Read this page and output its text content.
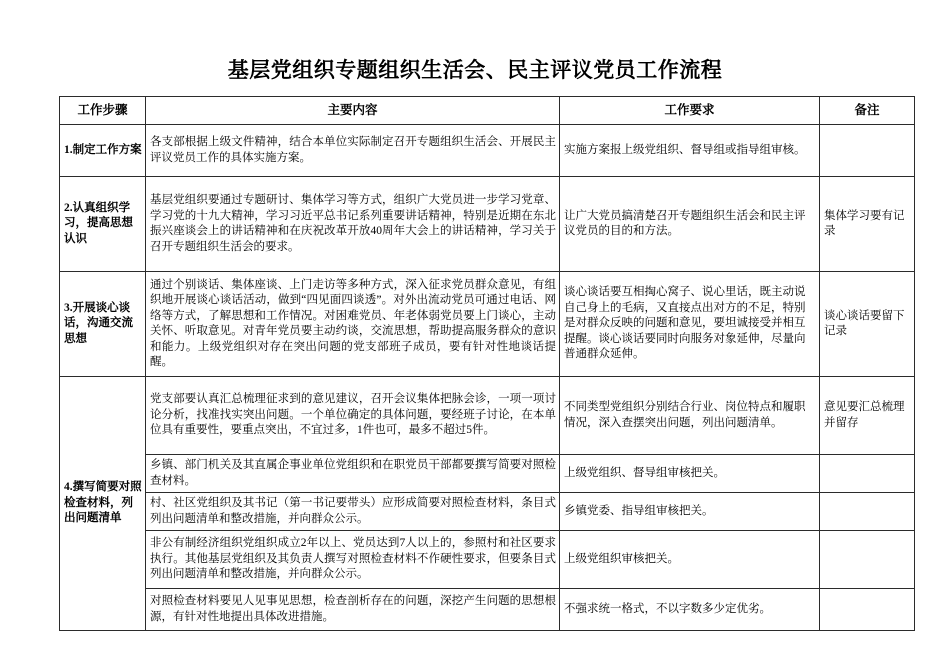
基层党组织专题组织生活会、民主评议党员工作流程
工作步骤	主要内容	工作要求	备注
1.制定工作方案	各支部根据上级文件精神，结合本单位实际制定召开专题组织生活会、开展民主评议党员工作的具体实施方案。	实施方案报上级党组织、督导组或指导组审核。	
2.认真组织学习，提高思想认识	基层党组织要通过专题研讨、集体学习等方式，组织广大党员进一步学习党章、学习党的十九大精神，学习习近平总书记系列重要讲话精神，特别是近期在东北振兴座谈会上的讲话精神和在庆祝改革开放40周年大会上的讲话精神，学习关于召开专题组织生活会的要求。	让广大党员搞清楚召开专题组织生活会和民主评议党员的目的和方法。	集体学习要有记录
3.开展谈心谈话，沟通交流思想	通过个别谈话、集体座谈、上门走访等多种方式，深入征求党员群众意见，有组织地开展谈心谈话活动，做到“四见面四谈透”。对外出流动党员可通过电话、网络等方式，了解思想和工作情况。对困难党员、年老体弱党员要上门谈心，主动关怀、听取意见。对青年党员要主动约谈，交流思想，帮助提高服务群众的意识和能力。上级党组织对存在突出问题的党支部班子成员，要有针对性地谈话提醒。	谈心谈话要互相掏心窝子、说心里话，既主动说自己身上的毛病，又直接点出对方的不足，特别是对群众反映的问题和意见，要坦诚接受并相互提醒。谈心谈话要同时向服务对象延伸，尽量向普通群众延伸。	谈心谈话要留下记录
4.撰写简要对照检查材料，列出问题清单	党支部要认真汇总梳理征求到的意见建议，召开会议集体把脉会诊，一项一项讨论分析，找准找实突出问题。一个单位确定的具体问题，要经班子讨论，在本单位具有重要性，要重点突出，不宜过多，1件也可，最多不超过5件。	不同类型党组织分别结合行业、岗位特点和履职情况，深入查摆突出问题，列出问题清单。	意见要汇总梳理并留存
	乡镇、部门机关及其直属企事业单位党组织和在职党员干部都要撰写简要对照检查材料。	上级党组织、督导组审核把关。	
	村、社区党组织及其书记（第一书记要带头）应形成简要对照检查材料，条目式列出问题清单和整改措施，并向群众公示。	乡镇党委、指导组审核把关。	
	非公有制经济组织党组织成立2年以上、党员达到7人以上的，参照村和社区要求执行。其他基层党组织及其负责人撰写对照检查材料不作硬性要求，但要条目式列出问题清单和整改措施，并向群众公示。	上级党组织审核把关。	
	对照检查材料要见人见事见思想，检查剖析存在的问题，深挖产生问题的思想根源，有针对性地提出具体改进措施。	不强求统一格式，不以字数多少定优劣。	
